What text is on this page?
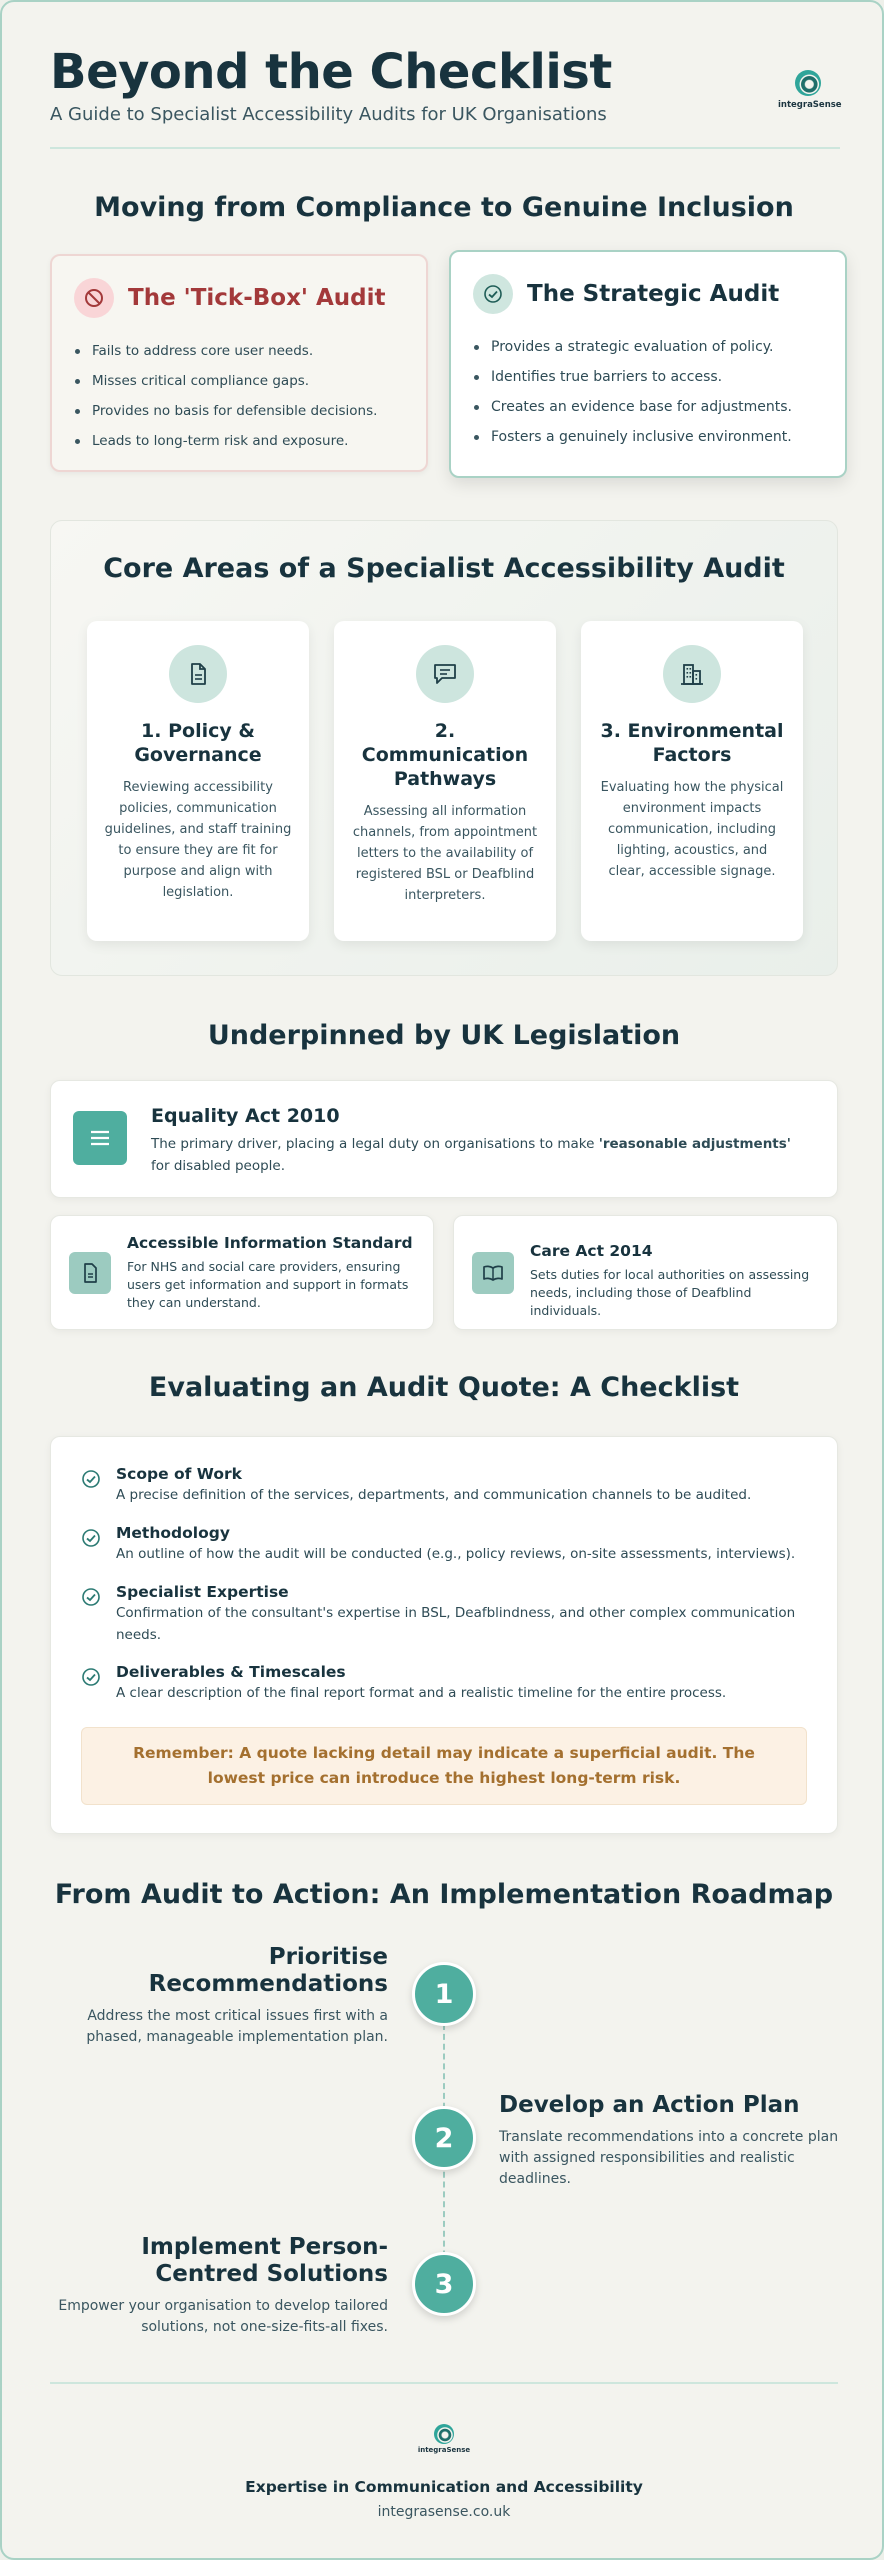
Beyond the Checklist
A Guide to Specialist Accessibility Audits for UK Organisations	integraSense
Moving from Compliance to Genuine Inclusion
The 'Tick-Box' Audit
Fails to address core user needs.
Misses critical compliance gaps.
Provides no basis for defensible decisions.
Leads to long-term risk and exposure.
The Strategic Audit
Provides a strategic evaluation of policy.
Identifies true barriers to access.
Creates an evidence base for adjustments.
Fosters a genuinely inclusive environment.
Core Areas of a Specialist Accessibility Audit
1. Policy & Governance
Reviewing accessibility policies, communication guidelines, and staff training to ensure they are fit for purpose and align with legislation.
2. Communication Pathways
Assessing all information channels, from appointment letters to the availability of registered BSL or Deafblind interpreters.
3. Environmental Factors
Evaluating how the physical environment impacts communication, including lighting, acoustics, and clear, accessible signage.
Underpinned by UK Legislation
Equality Act 2010
The primary driver, placing a legal duty on organisations to make 'reasonable adjustments' for disabled people.
Accessible Information Standard
For NHS and social care providers, ensuring users get information and support in formats they can understand.
Care Act 2014
Sets duties for local authorities on assessing needs, including those of Deafblind individuals.
Evaluating an Audit Quote: A Checklist
Scope of Work
A precise definition of the services, departments, and communication channels to be audited.
Methodology
An outline of how the audit will be conducted (e.g., policy reviews, on-site assessments, interviews).
Specialist Expertise
Confirmation of the consultant's expertise in BSL, Deafblindness, and other complex communication needs.
Deliverables & Timescales
A clear description of the final report format and a realistic timeline for the entire process.
Remember: A quote lacking detail may indicate a superficial audit. The lowest price can introduce the highest long-term risk.
From Audit to Action: An Implementation Roadmap
Prioritise Recommendations
Address the most critical issues first with a phased, manageable implementation plan.
1
2
Develop an Action Plan
Translate recommendations into a concrete plan with assigned responsibilities and realistic deadlines.
Implement Person-Centred Solutions
Empower your organisation to develop tailored solutions, not one-size-fits-all fixes.
3
integraSense
Expertise in Communication and Accessibility
integrasense.co.uk
